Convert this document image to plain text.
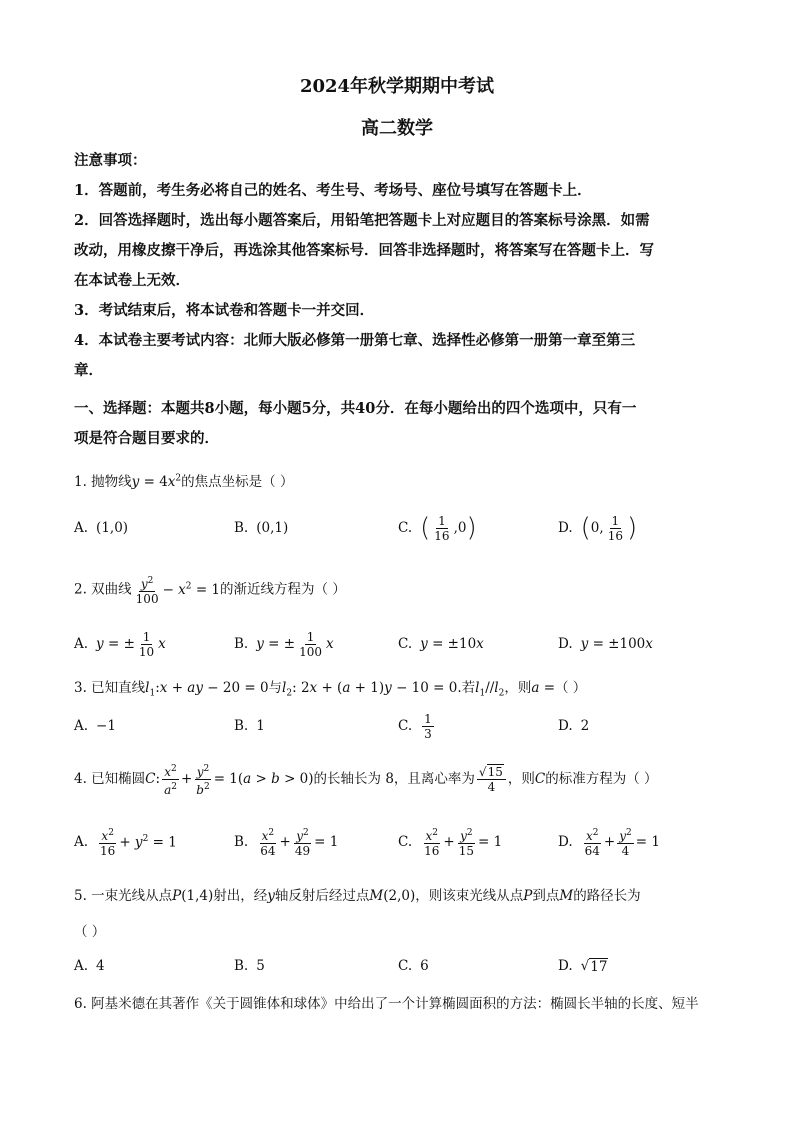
2024年秋学期期中考试
高二数学
注意事项：
1．答题前，考生务必将自己的姓名、考生号、考场号、座位号填写在答题卡上．
2．回答选择题时，选出每小题答案后，用铅笔把答题卡上对应题目的答案标号涂黑．如需
改动，用橡皮擦干净后，再选涂其他答案标号．回答非选择题时，将答案写在答题卡上．写
在本试卷上无效．
3．考试结束后，将本试卷和答题卡一并交回．
4．本试卷主要考试内容：北师大版必修第一册第七章、选择性必修第一册第一章至第三
章．
一、选择题：本题共8小题，每小题5分，共40分．在每小题给出的四个选项中，只有一
项是符合题目要求的．
1. 抛物线$y = 4x^2$的焦点坐标是（ ）
A. (1,0)	B. (0,1)	C. ( $\frac{1}{16} ,0$ )	D. ( 0, $\frac{1}{16}$ )
2. 双曲线 $\frac{y^2}{100} - x^2 = 1$的渐近线方程为（ ）
A. y = ± $\frac{1}{10}$ x	B. y = ± $\frac{1}{100}$ x	C. y = ±10x	D. y = ±100x
3. 已知直线$l_1:x$ + ay − 20 = 0与$l_2$: 2x + (a + 1)y − 10 = 0.若$l_1//l_2$，则a =（ ）
A. −1	B. 1	C. $\frac{1}{3}$	D. 2
4. 已知椭圆C: $\frac{x^2}{a^2} + \frac{y^2}{b^2} = 1(a > b > 0)$的长轴长为 8，且离心率为 $\frac{√15}{4}$ ，则C的标准方程为（ ）
A. $\frac{x^2}{16} + y^2 = 1$	B. $\frac{x^2}{64} + \frac{y^2}{49} = 1$	C. $\frac{x^2}{16} + \frac{y^2}{15} = 1$	D. $\frac{x^2}{64} + \frac{y^2}{4} = 1$
5. 一束光线从点P(1,4)射出，经y轴反射后经过点M(2,0)，则该束光线从点P到点M的路径长为
（ ）
A. 4	B. 5	C. 6	D. √ 17
6. 阿基米德在其著作《关于圆锥体和球体》中给出了一个计算椭圆面积的方法：椭圆长半轴的长度、短半
